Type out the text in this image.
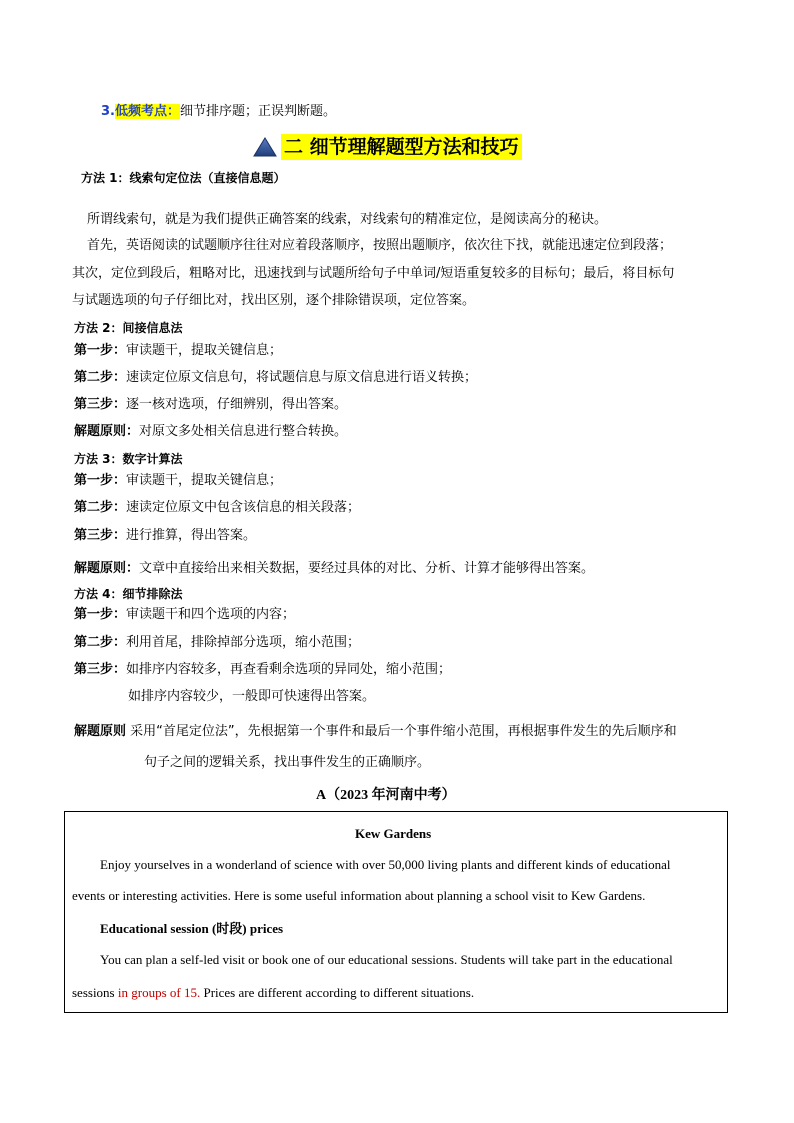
3.低频考点：细节排序题；正误判断题。
二 细节理解题型方法和技巧
方法 1：线索句定位法（直接信息题）
所谓线索句，就是为我们提供正确答案的线索，对线索句的精准定位，是阅读高分的秘诀。
首先，英语阅读的试题顺序往往对应着段落顺序，按照出题顺序，依次往下找，就能迅速定位到段落；
其次，定位到段后，粗略对比，迅速找到与试题所给句子中单词/短语重复较多的目标句；最后，将目标句
与试题选项的句子仔细比对，找出区别，逐个排除错误项，定位答案。
方法 2：间接信息法
第一步：审读题干，提取关键信息；
第二步：速读定位原文信息句，将试题信息与原文信息进行语义转换；
第三步：逐一核对选项，仔细辨别，得出答案。
解题原则：对原文多处相关信息进行整合转换。
方法 3：数字计算法
第一步：审读题干，提取关键信息；
第二步：速读定位原文中包含该信息的相关段落；
第三步：进行推算，得出答案。
解题原则：文章中直接给出来相关数据，要经过具体的对比、分析、计算才能够得出答案。
方法 4：细节排除法
第一步：审读题干和四个选项的内容；
第二步：利用首尾，排除掉部分选项，缩小范围；
第三步：如排序内容较多，再查看剩余选项的异同处，缩小范围；
如排序内容较少，一般即可快速得出答案。
解题原则 采用“首尾定位法”，先根据第一个事件和最后一个事件缩小范围，再根据事件发生的先后顺序和
句子之间的逻辑关系，找出事件发生的正确顺序。
A（2023 年河南中考）
Kew Gardens
Enjoy yourselves in a wonderland of science with over 50,000 living plants and different kinds of educational
events or interesting activities. Here is some useful information about planning a school visit to Kew Gardens.
Educational session (时段) prices
You can plan a self-led visit or book one of our educational sessions. Students will take part in the educational
sessions in groups of 15. Prices are different according to different situations.
